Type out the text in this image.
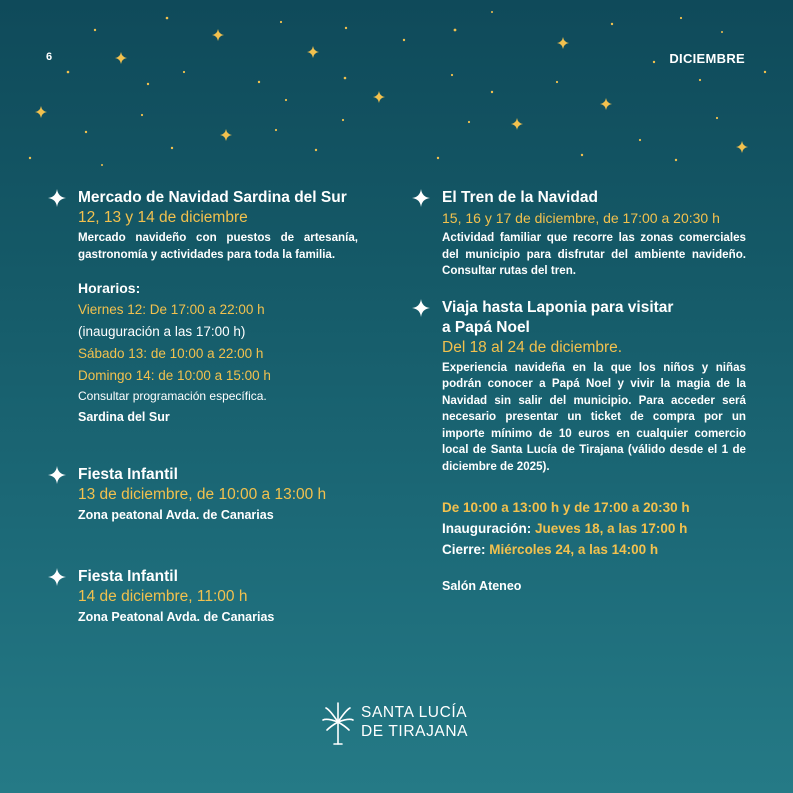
6	DICIEMBRE
Mercado de Navidad Sardina del Sur
12, 13 y 14 de diciembre
Mercado navideño con puestos de artesanía, gastronomía y actividades para toda la familia.
Horarios:
Viernes 12: De 17:00 a 22:00 h
(inauguración a las 17:00 h)
Sábado 13: de 10:00 a 22:00 h
Domingo 14: de 10:00 a 15:00 h
Consultar programación específica.
Sardina del Sur
Fiesta Infantil
13 de diciembre, de 10:00 a 13:00 h
Zona peatonal Avda. de Canarias
Fiesta Infantil
14 de diciembre, 11:00 h
Zona Peatonal Avda. de Canarias
El Tren de la Navidad
15, 16 y 17 de diciembre, de 17:00 a 20:30 h
Actividad familiar que recorre las zonas comerciales del municipio para disfrutar del ambiente navideño. Consultar rutas del tren.
Viaja hasta Laponia para visitar
a Papá Noel
Del 18 al 24 de diciembre.
Experiencia navideña en la que los niños y niñas podrán conocer a Papá Noel y vivir la magia de la Navidad sin salir del municipio. Para acceder será necesario presentar un ticket de compra por un importe mínimo de 10 euros en cualquier comercio local de Santa Lucía de Tirajana (válido desde el 1 de diciembre de 2025).
De 10:00 a 13:00 h y de 17:00 a 20:30 h
Inauguración: Jueves 18, a las 17:00 h
Cierre: Miércoles 24, a las 14:00 h
Salón Ateneo
SANTA LUCÍA
DE TIRAJANA
